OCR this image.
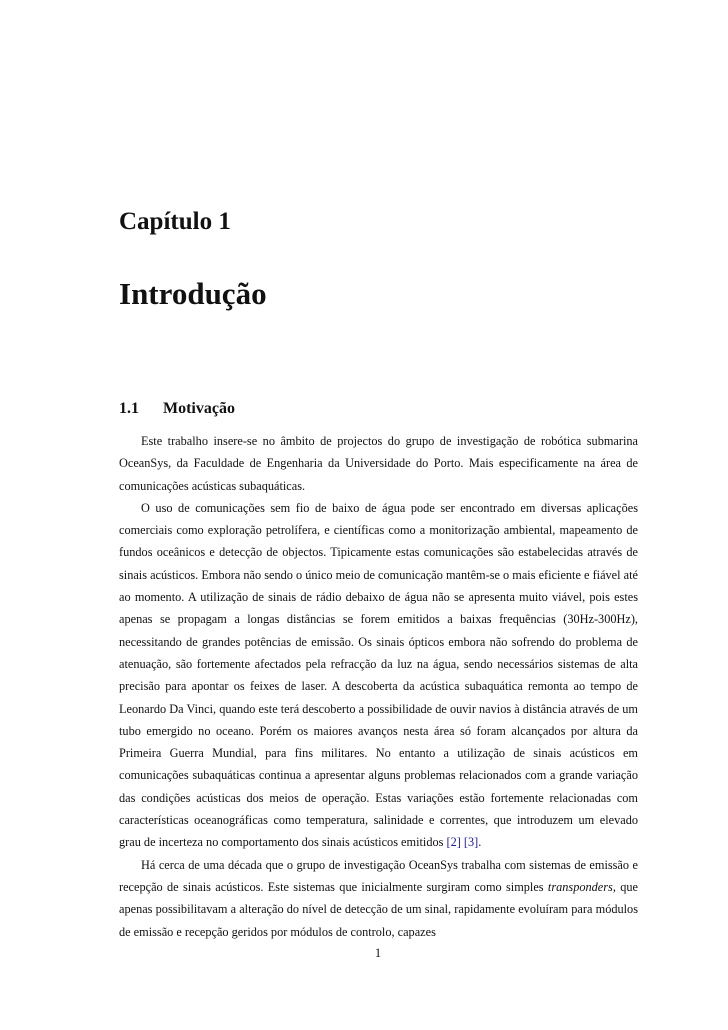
Capítulo 1
Introdução
1.1 Motivação

Este trabalho insere-se no âmbito de projectos do grupo de investigação de robótica submarina OceanSys, da Faculdade de Engenharia da Universidade do Porto. Mais especificamente na área de comunicações acústicas subaquáticas.

O uso de comunicações sem fio de baixo de água pode ser encontrado em diversas aplicações comerciais como exploração petrolífera, e científicas como a monitorização ambiental, mapeamento de fundos oceânicos e detecção de objectos. Tipicamente estas comunicações são estabelecidas através de sinais acústicos. Embora não sendo o único meio de comunicação mantêm-se o mais eficiente e fiável até ao momento. A utilização de sinais de rádio debaixo de água não se apresenta muito viável, pois estes apenas se propagam a longas distâncias se forem emitidos a baixas frequências (30Hz-300Hz), necessitando de grandes potências de emissão. Os sinais ópticos embora não sofrendo do problema de atenuação, são fortemente afectados pela refracção da luz na água, sendo necessários sistemas de alta precisão para apontar os feixes de laser. A descoberta da acústica subaquática remonta ao tempo de Leonardo Da Vinci, quando este terá descoberto a possibilidade de ouvir navios à distância através de um tubo emergido no oceano. Porém os maiores avanços nesta área só foram alcançados por altura da Primeira Guerra Mundial, para fins militares. No entanto a utilização de sinais acústicos em comunicações subaquáticas continua a apresentar alguns problemas relacionados com a grande variação das condições acústicas dos meios de operação. Estas variações estão fortemente relacionadas com características oceanográficas como temperatura, salinidade e correntes, que introduzem um elevado grau de incerteza no comportamento dos sinais acústicos emitidos [2] [3].

Há cerca de uma década que o grupo de investigação OceanSys trabalha com sistemas de emissão e recepção de sinais acústicos. Este sistemas que inicialmente surgiram como simples transponders, que apenas possibilitavam a alteração do nível de detecção de um sinal, rapidamente evoluíram para módulos de emissão e recepção geridos por módulos de controlo, capazes

1
